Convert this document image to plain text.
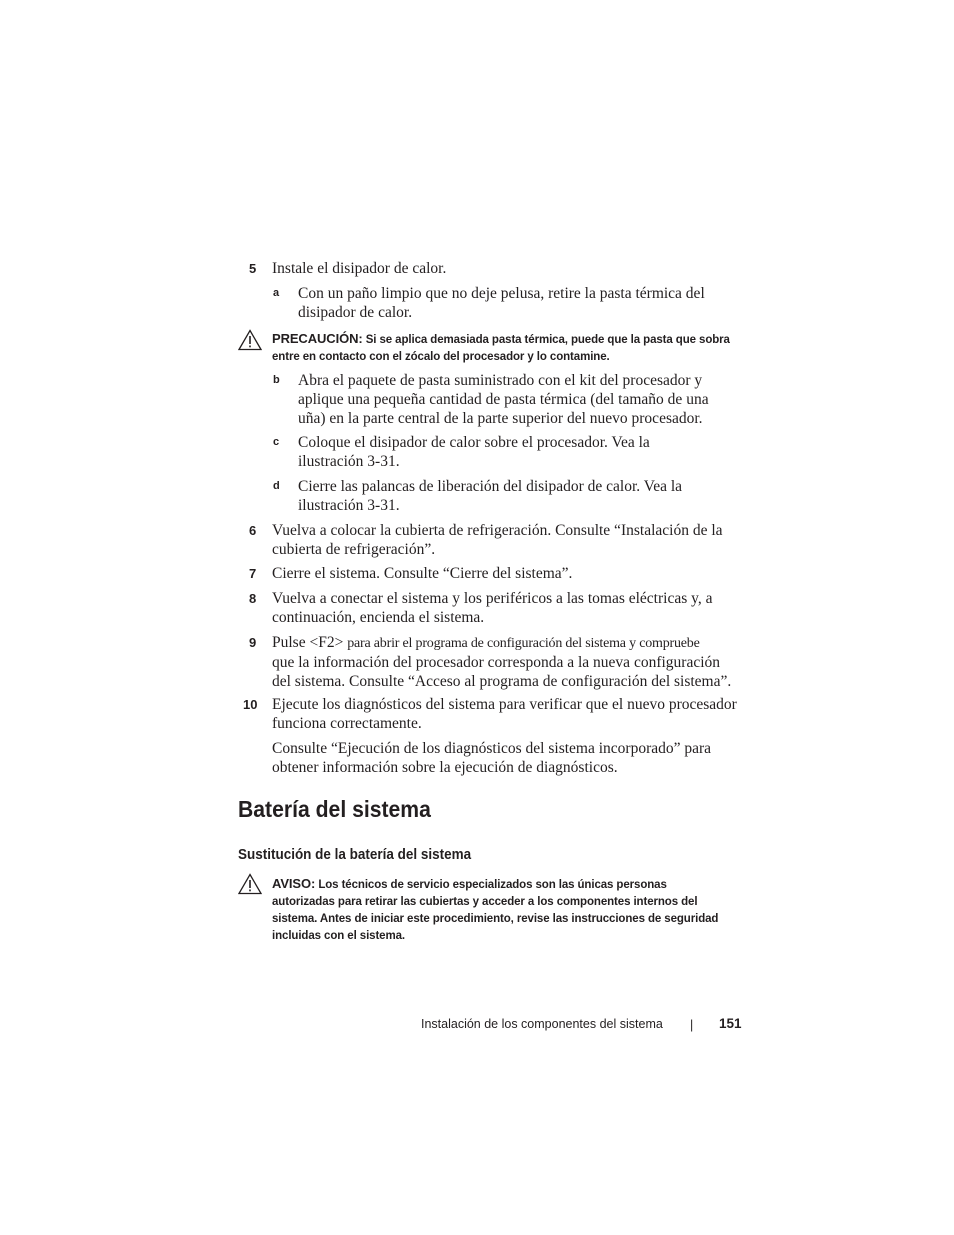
5 Instale el disipador de calor.
a Con un paño limpio que no deje pelusa, retire la pasta térmica del disipador de calor.
PRECAUCIÓN: Si se aplica demasiada pasta térmica, puede que la pasta que sobra entre en contacto con el zócalo del procesador y lo contamine.
b Abra el paquete de pasta suministrado con el kit del procesador y aplique una pequeña cantidad de pasta térmica (del tamaño de una uña) en la parte central de la parte superior del nuevo procesador.
c Coloque el disipador de calor sobre el procesador. Vea la ilustración 3-31.
d Cierre las palancas de liberación del disipador de calor. Vea la ilustración 3-31.
6 Vuelva a colocar la cubierta de refrigeración. Consulte “Instalación de la cubierta de refrigeración”.
7 Cierre el sistema. Consulte “Cierre del sistema”.
8 Vuelva a conectar el sistema y los periféricos a las tomas eléctricas y, a continuación, encienda el sistema.
9 Pulse <F2> para abrir el programa de configuración del sistema y compruebe
que la información del procesador corresponda a la nueva configuración del sistema. Consulte “Acceso al programa de configuración del sistema”.
10 Ejecute los diagnósticos del sistema para verificar que el nuevo procesador funciona correctamente.
Consulte “Ejecución de los diagnósticos del sistema incorporado” para obtener información sobre la ejecución de diagnósticos.
Batería del sistema
Sustitución de la batería del sistema
AVISO: Los técnicos de servicio especializados son las únicas personas autorizadas para retirar las cubiertas y acceder a los componentes internos del sistema. Antes de iniciar este procedimiento, revise las instrucciones de seguridad incluidas con el sistema.
Instalación de los componentes del sistema | 151
